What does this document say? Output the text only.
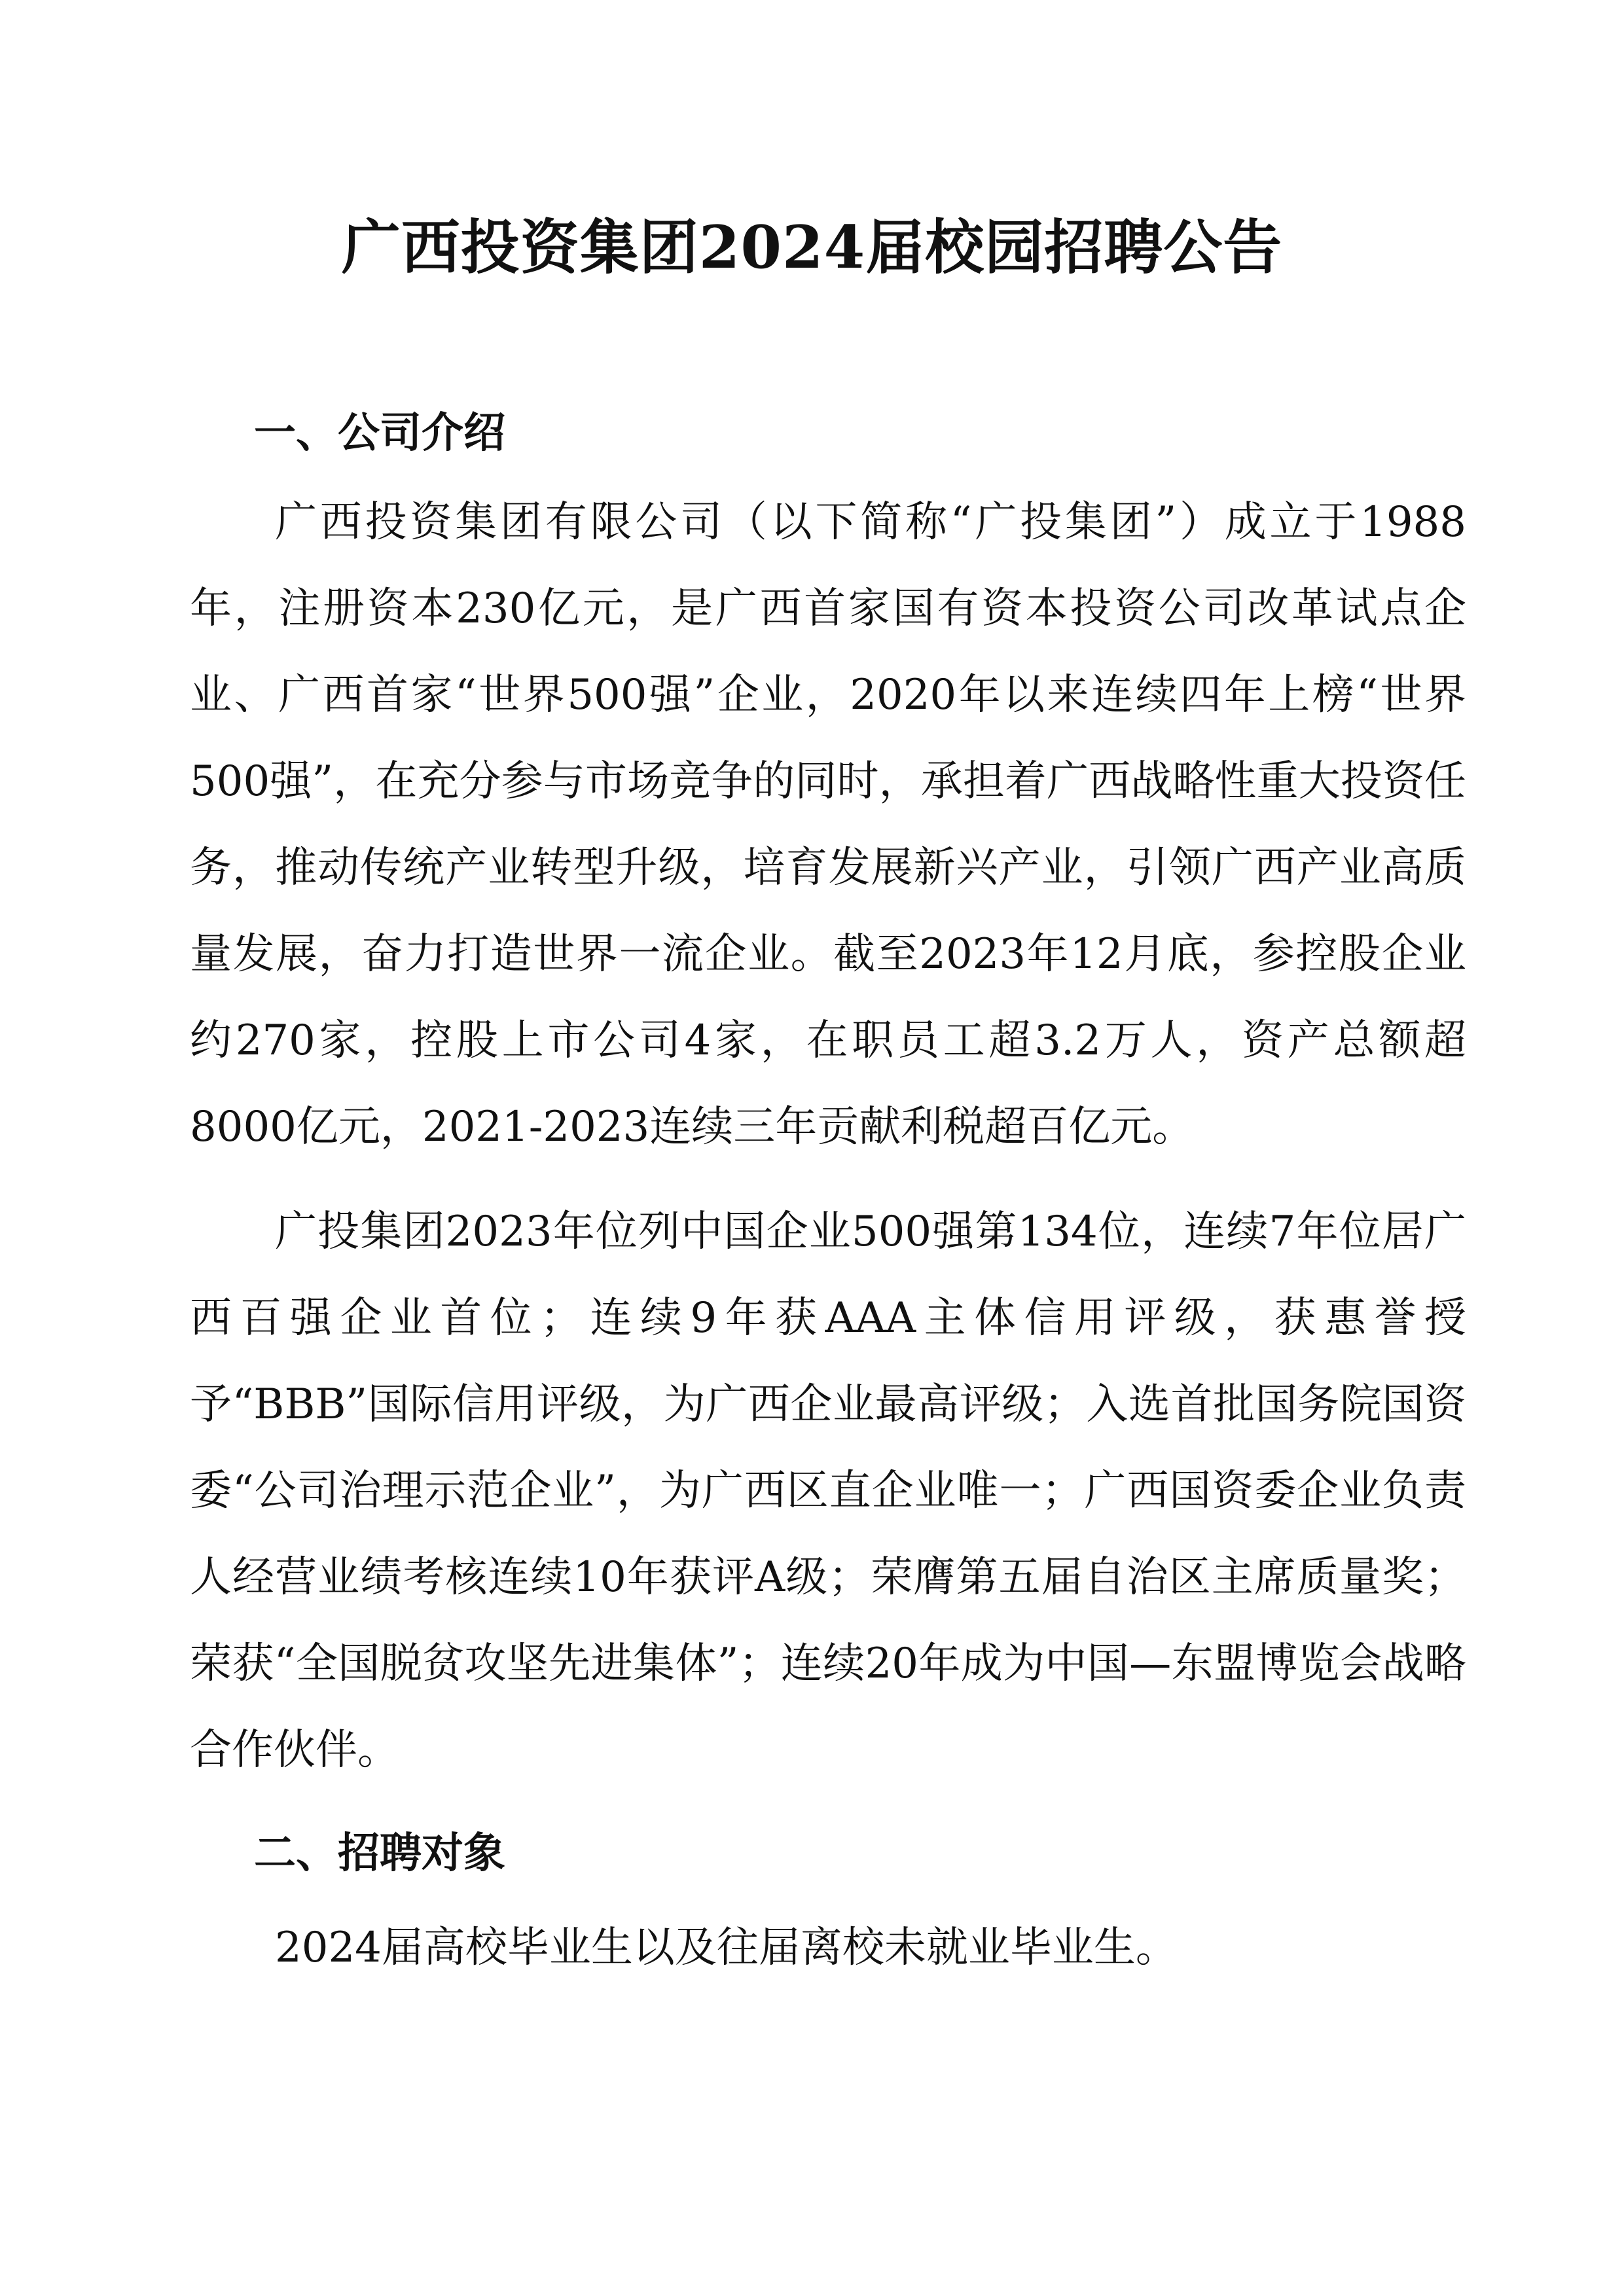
广西投资集团2024届校园招聘公告
一、公司介绍

广西投资集团有限公司（以下简称“广投集团”）成立于1988年，注册资本230亿元，是广西首家国有资本投资公司改革试点企业、广西首家“世界500强”企业，2020年以来连续四年上榜“世界500强”，在充分参与市场竞争的同时，承担着广西战略性重大投资任务，推动传统产业转型升级，培育发展新兴产业，引领广西产业高质量发展，奋力打造世界一流企业。截至2023年12月底，参控股企业约270家，控股上市公司4家，在职员工超3.2万人，资产总额超8000亿元，2021-2023连续三年贡献利税超百亿元。

广投集团2023年位列中国企业500强第134位，连续7年位居广西百强企业首位；连续9年获AAA主体信用评级，获惠誉授予“BBB”国际信用评级，为广西企业最高评级；入选首批国务院国资委“公司治理示范企业”，为广西区直企业唯一；广西国资委企业负责人经营业绩考核连续10年获评A级；荣膺第五届自治区主席质量奖；荣获“全国脱贫攻坚先进集体”；连续20年成为中国—东盟博览会战略合作伙伴。

二、招聘对象

2024届高校毕业生以及往届离校未就业毕业生。
